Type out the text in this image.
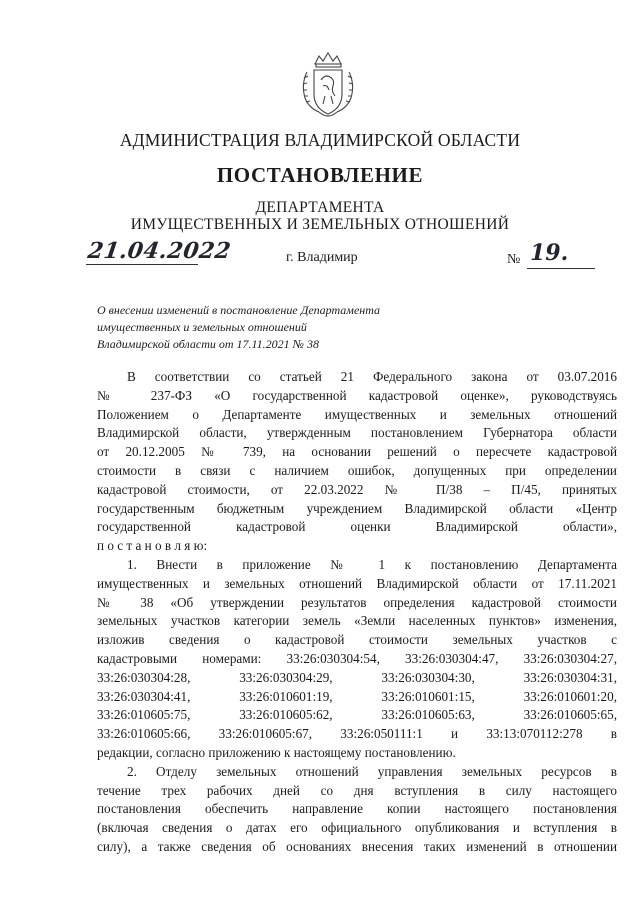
АДМИНИСТРАЦИЯ ВЛАДИМИРСКОЙ ОБЛАСТИ
ПОСТАНОВЛЕНИЕ
ДЕПАРТАМЕНТА
ИМУЩЕСТВЕННЫХ И ЗЕМЕЛЬНЫХ ОТНОШЕНИЙ
21.04.2022	г. Владимир	№ 19.
О внесении изменений в постановление Департамента
имущественных и земельных отношений
Владимирской области от 17.11.2021 № 38
В соответствии со статьей 21 Федерального закона от 03.07.2016
№ 237-ФЗ «О государственной кадастровой оценке», руководствуясь
Положением о Департаменте имущественных и земельных отношений
Владимирской области, утвержденным постановлением Губернатора области
от 20.12.2005 № 739, на основании решений о пересчете кадастровой
стоимости в связи с наличием ошибок, допущенных при определении
кадастровой стоимости, от 22.03.2022 № П/38 – П/45, принятых
государственным бюджетным учреждением Владимирской области «Центр
государственной кадастровой оценки Владимирской области»,
п о с т а н о в л я ю:
1. Внести в приложение № 1 к постановлению Департамента
имущественных и земельных отношений Владимирской области от 17.11.2021
№ 38 «Об утверждении результатов определения кадастровой стоимости
земельных участков категории земель «Земли населенных пунктов» изменения,
изложив сведения о кадастровой стоимости земельных участков с
кадастровыми номерами: 33:26:030304:54, 33:26:030304:47, 33:26:030304:27,
33:26:030304:28, 33:26:030304:29, 33:26:030304:30, 33:26:030304:31,
33:26:030304:41, 33:26:010601:19, 33:26:010601:15, 33:26:010601:20,
33:26:010605:75, 33:26:010605:62, 33:26:010605:63, 33:26:010605:65,
33:26:010605:66, 33:26:010605:67, 33:26:050111:1 и 33:13:070112:278 в
редакции, согласно приложению к настоящему постановлению.
2. Отделу земельных отношений управления земельных ресурсов в
течение трех рабочих дней со дня вступления в силу настоящего
постановления обеспечить направление копии настоящего постановления
(включая сведения о датах его официального опубликования и вступления в
силу), а также сведения об основаниях внесения таких изменений в отношении
